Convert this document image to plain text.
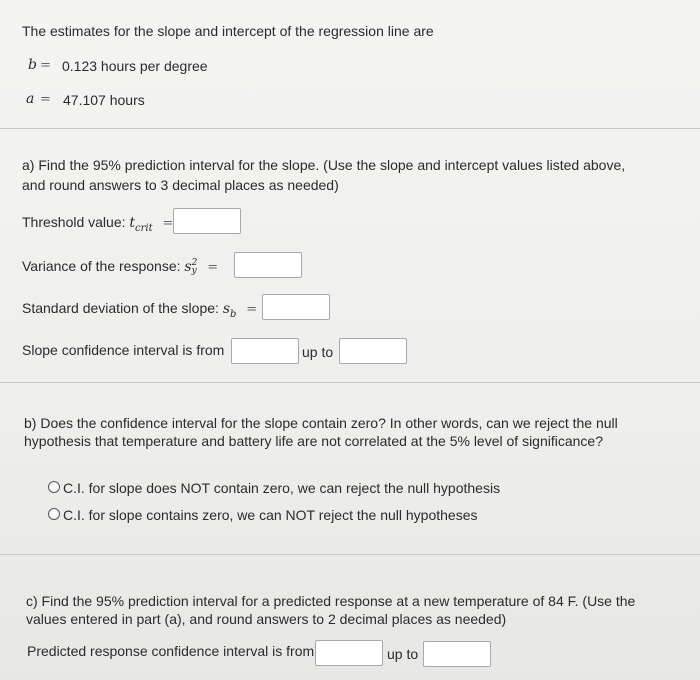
The estimates for the slope and intercept of the regression line are
b = 0.123 hours per degree
a = 47.107 hours
a) Find the 95% prediction interval for the slope. (Use the slope and intercept values listed above,
and round answers to 3 decimal places as needed)
Threshold value: $t_{crit}$ =
Variance of the response: s 2
y =
Standard deviation of the slope: $s_b$ =
Slope confidence interval is from	up to
b) Does the confidence interval for the slope contain zero? In other words, can we reject the null
hypothesis that temperature and battery life are not correlated at the 5% level of significance?
C.I. for slope does NOT contain zero, we can reject the null hypothesis
C.I. for slope contains zero, we can NOT reject the null hypotheses
c) Find the 95% prediction interval for a predicted response at a new temperature of 84 F. (Use the
values entered in part (a), and round answers to 2 decimal places as needed)
Predicted response confidence interval is from	up to
